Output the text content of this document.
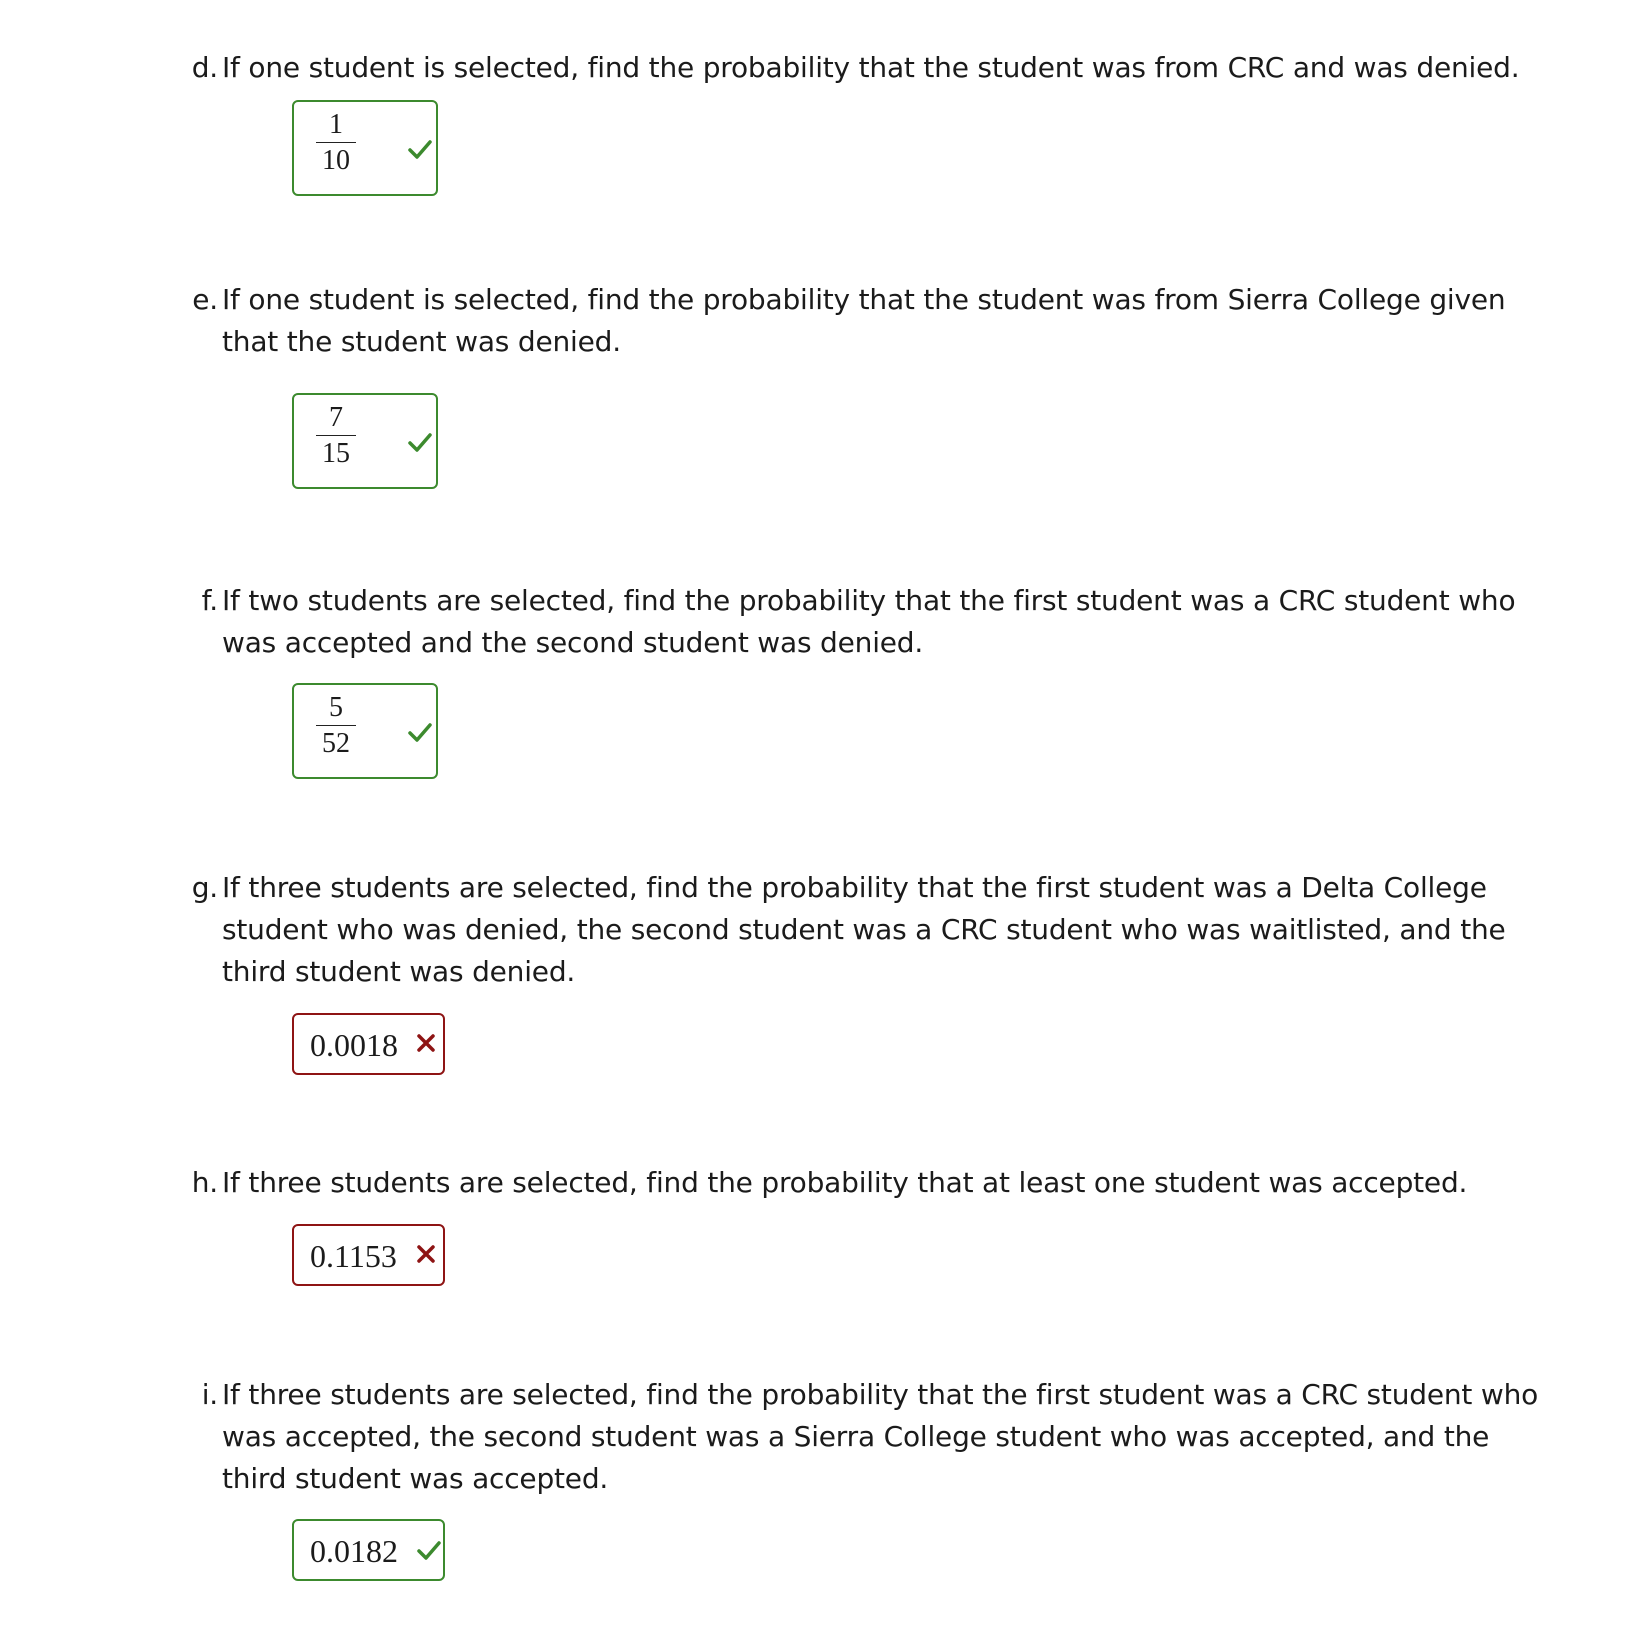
d. If one student is selected, find the probability that the student was from CRC and was denied.
1
10
e. If one student is selected, find the probability that the student was from Sierra College given
that the student was denied.
7
15
f. If two students are selected, find the probability that the first student was a CRC student who
was accepted and the second student was denied.
5
52
g. If three students are selected, find the probability that the first student was a Delta College
student who was denied, the second student was a CRC student who was waitlisted, and the
third student was denied.
0.0018
h. If three students are selected, find the probability that at least one student was accepted.
0.1153
i. If three students are selected, find the probability that the first student was a CRC student who
was accepted, the second student was a Sierra College student who was accepted, and the
third student was accepted.
0.0182
